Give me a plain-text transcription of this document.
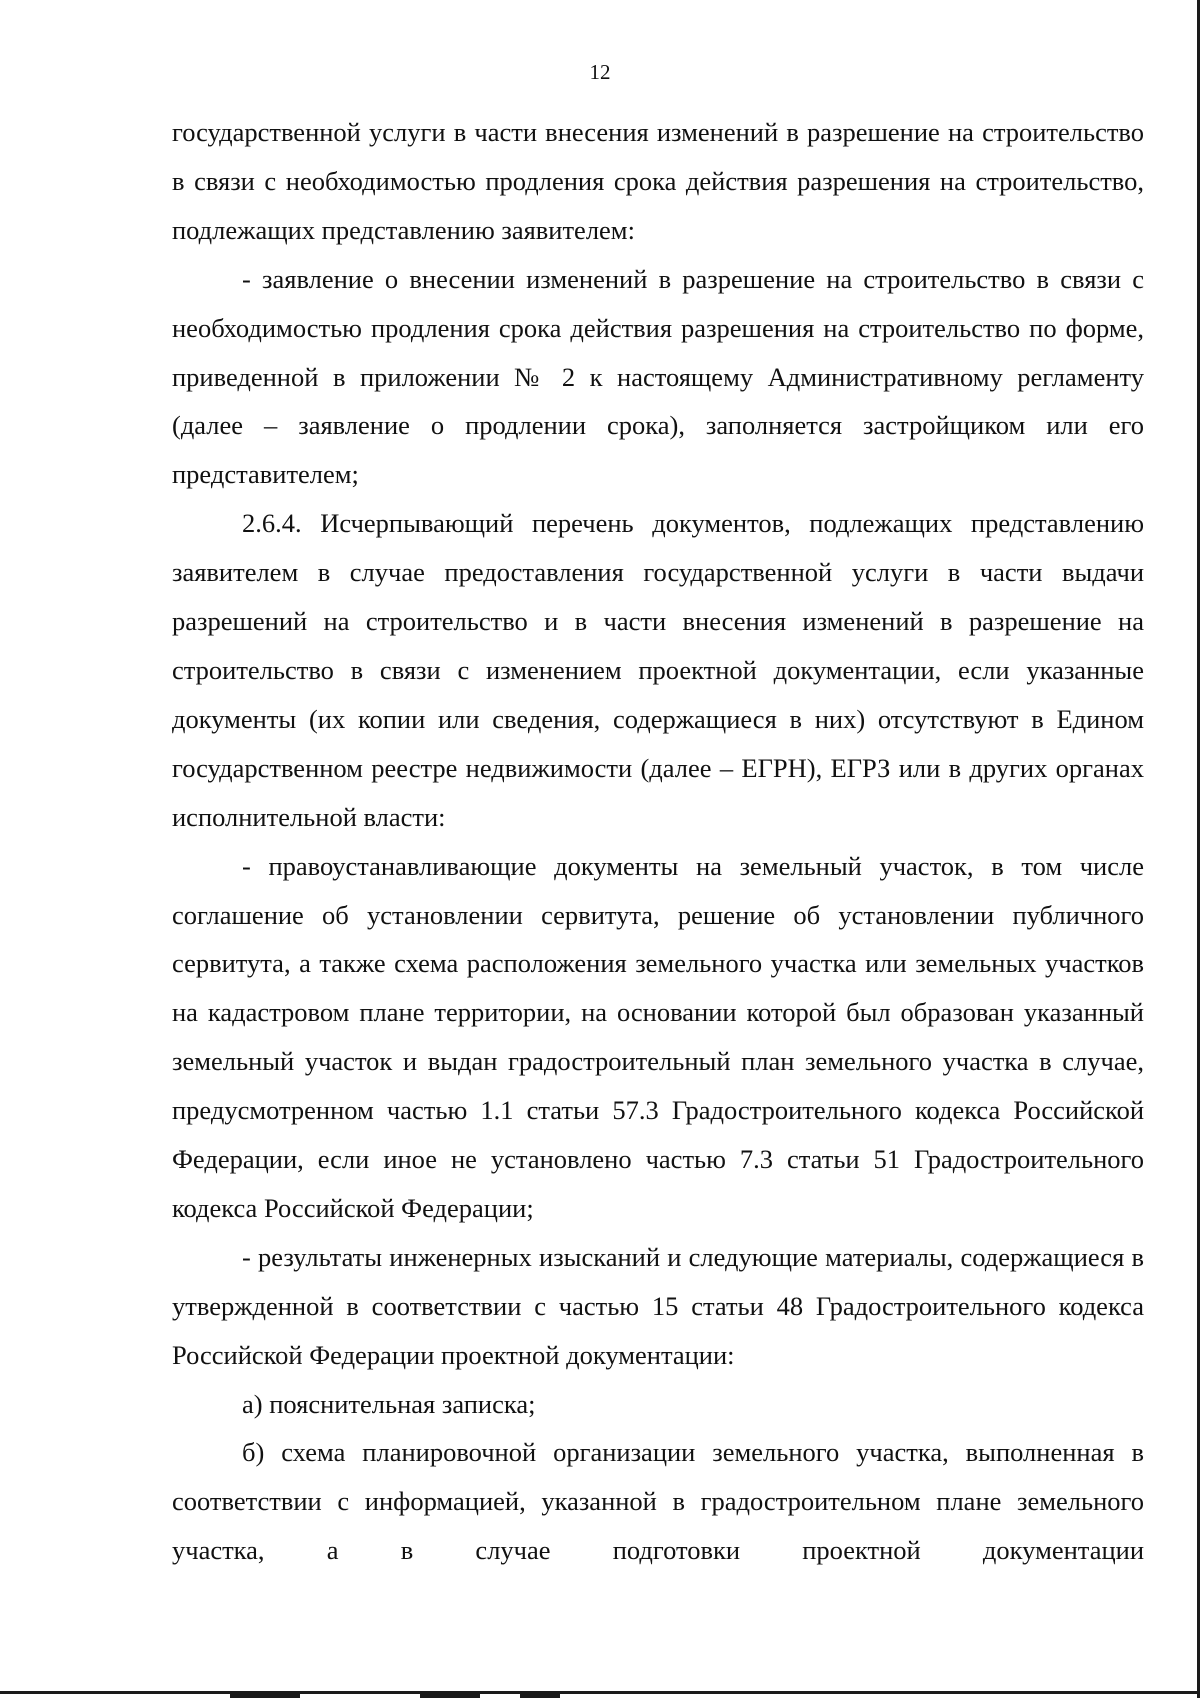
12

государственной услуги в части внесения изменений в разрешение на строительство в связи с необходимостью продления срока действия разрешения на строительство, подлежащих представлению заявителем:

- заявление о внесении изменений в разрешение на строительство в связи с необходимостью продления срока действия разрешения на строительство по форме, приведенной в приложении № 2 к настоящему Административному регламенту (далее – заявление о продлении срока), заполняется застройщиком или его представителем;

2.6.4. Исчерпывающий перечень документов, подлежащих представлению заявителем в случае предоставления государственной услуги в части выдачи разрешений на строительство и в части внесения изменений в разрешение на строительство в связи с изменением проектной документации, если указанные документы (их копии или сведения, содержащиеся в них) отсутствуют в Едином государственном реестре недвижимости (далее – ЕГРН), ЕГРЗ или в других органах исполнительной власти:

- правоустанавливающие документы на земельный участок, в том числе соглашение об установлении сервитута, решение об установлении публичного сервитута, а также схема расположения земельного участка или земельных участков на кадастровом плане территории, на основании которой был образован указанный земельный участок и выдан градостроительный план земельного участка в случае, предусмотренном частью 1.1 статьи 57.3 Градостроительного кодекса Российской Федерации, если иное не установлено частью 7.3 статьи 51 Градостроительного кодекса Российской Федерации;

- результаты инженерных изысканий и следующие материалы, содержащиеся в утвержденной в соответствии с частью 15 статьи 48 Градостроительного кодекса Российской Федерации проектной документации:

а) пояснительная записка;

б) схема планировочной организации земельного участка, выполненная в соответствии с информацией, указанной в градостроительном плане земельного участка, а в случае подготовки проектной документации
